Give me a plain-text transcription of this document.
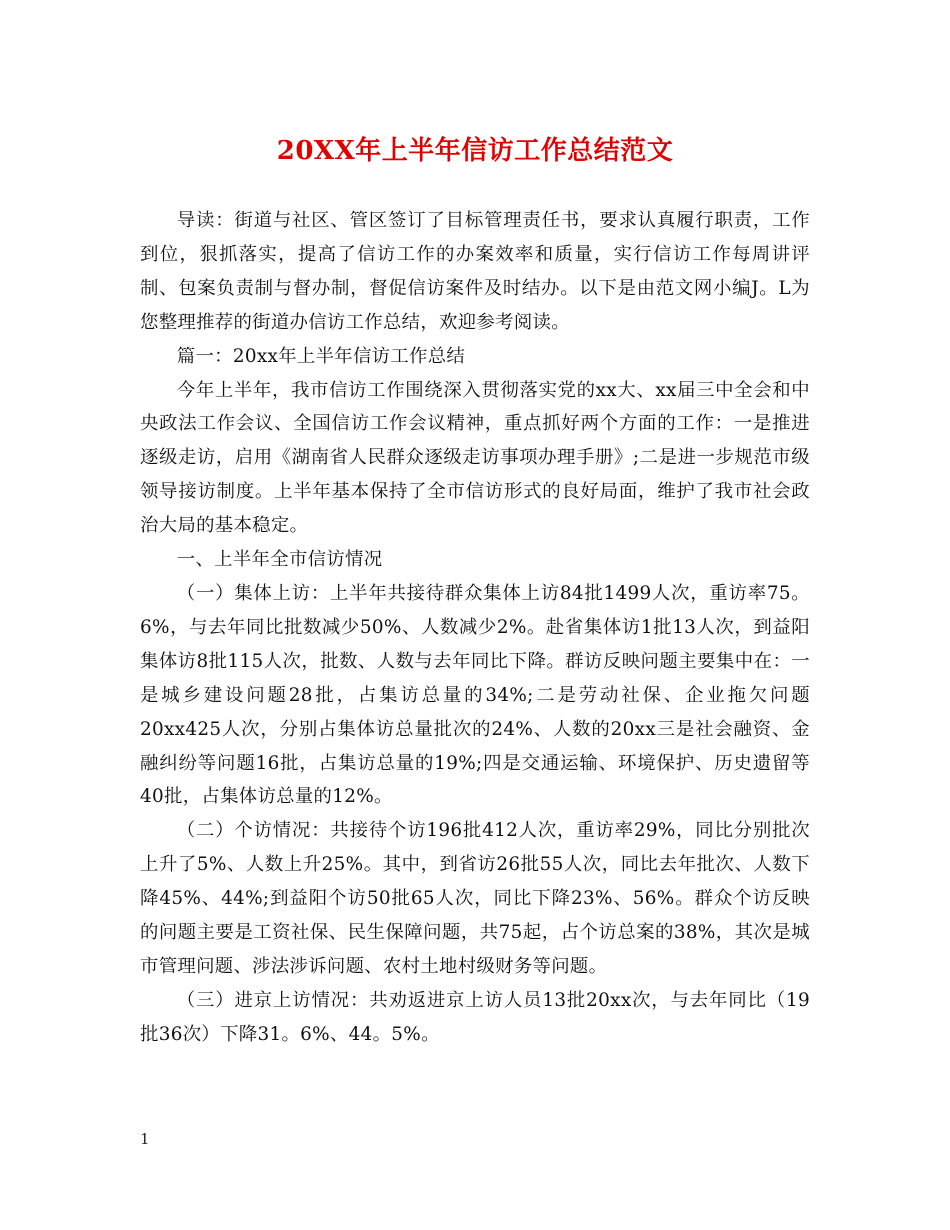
20XX年上半年信访工作总结范文

导读：街道与社区、管区签订了目标管理责任书，要求认真履行职责，工作到位，狠抓落实，提高了信访工作的办案效率和质量，实行信访工作每周讲评制、包案负责制与督办制，督促信访案件及时结办。以下是由范文网小编J。L为您整理推荐的街道办信访工作总结，欢迎参考阅读。

篇一：20xx年上半年信访工作总结

今年上半年，我市信访工作围绕深入贯彻落实党的xx大、xx届三中全会和中央政法工作会议、全国信访工作会议精神，重点抓好两个方面的工作：一是推进逐级走访，启用《湖南省人民群众逐级走访事项办理手册》;二是进一步规范市级领导接访制度。上半年基本保持了全市信访形式的良好局面，维护了我市社会政治大局的基本稳定。

一、上半年全市信访情况

（一）集体上访：上半年共接待群众集体上访84批1499人次，重访率75。6%，与去年同比批数减少50%、人数减少2%。赴省集体访1批13人次，到益阳集体访8批115人次，批数、人数与去年同比下降。群访反映问题主要集中在：一是城乡建设问题28批，占集访总量的34%;二是劳动社保、企业拖欠问题20xx425人次，分别占集体访总量批次的24%、人数的20xx三是社会融资、金融纠纷等问题16批，占集访总量的19%;四是交通运输、环境保护、历史遗留等40批，占集体访总量的12%。

（二）个访情况：共接待个访196批412人次，重访率29%，同比分别批次上升了5%、人数上升25%。其中，到省访26批55人次，同比去年批次、人数下降45%、44%;到益阳个访50批65人次，同比下降23%、56%。群众个访反映的问题主要是工资社保、民生保障问题，共75起，占个访总案的38%，其次是城市管理问题、涉法涉诉问题、农村土地村级财务等问题。

（三）进京上访情况：共劝返进京上访人员13批20xx次，与去年同比（19批36次）下降31。6%、44。5%。

1
